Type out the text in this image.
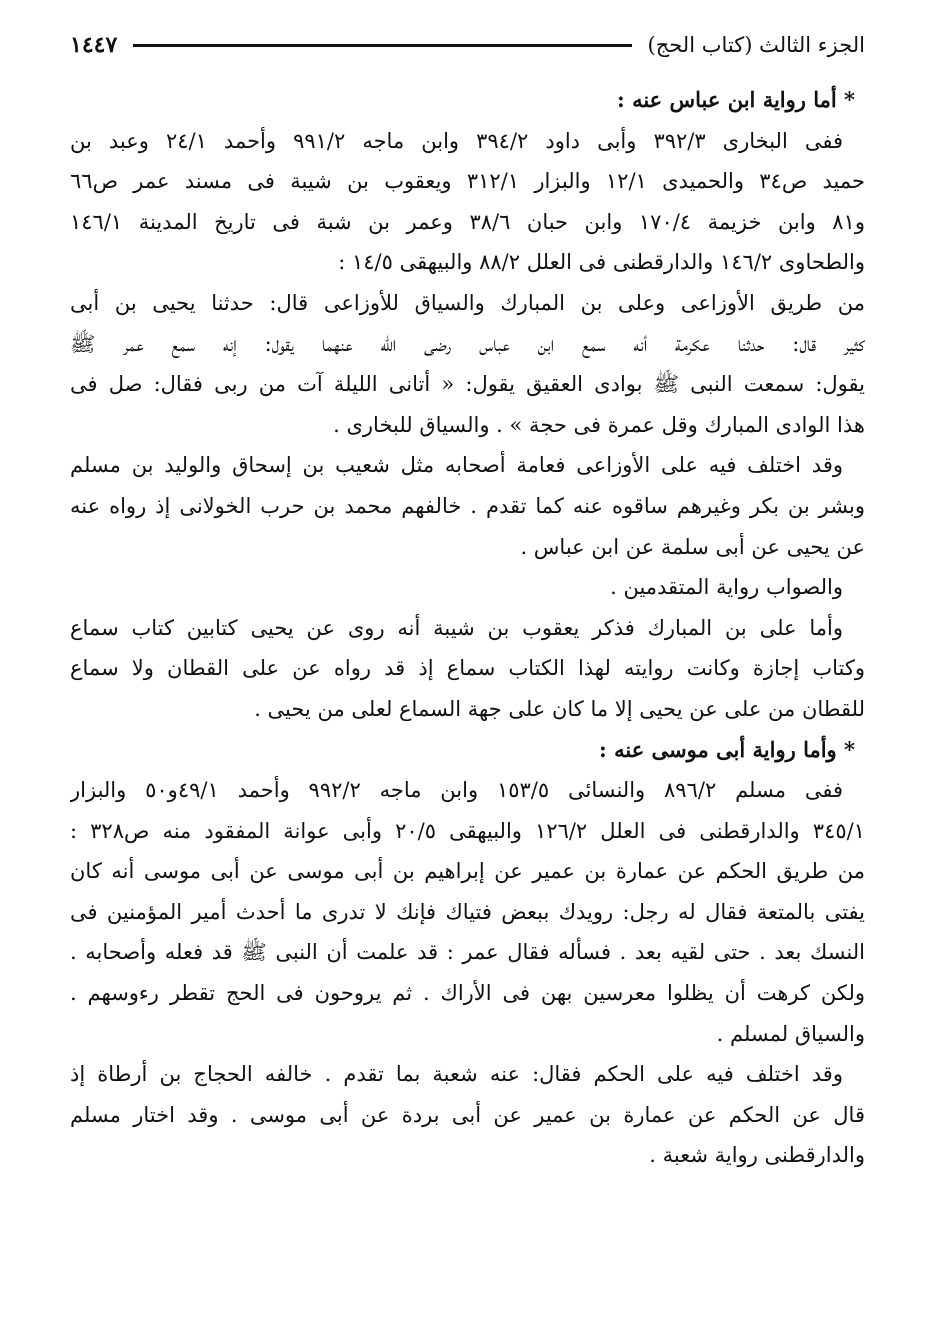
الجزء الثالث (كتاب الحج)
١٤٤٧
* أما رواية ابن عباس عنه :
ففى البخارى ٣٩٢/٣ وأبى داود ٣٩٤/٢ وابن ماجه ٩٩١/٢ وأحمد ٢٤/١ وعبد بن
حميد ص٣٤ والحميدى ١٢/١ والبزار ٣١٢/١ ويعقوب بن شيبة فى مسند عمر ص٦٦
و٨١ وابن خزيمة ١٧٠/٤ وابن حبان ٣٨/٦ وعمر بن شبة فى تاريخ المدينة ١٤٦/١
والطحاوى ١٤٦/٢ والدارقطنى فى العلل ٨٨/٢ والبيهقى ١٤/٥ :
من طريق الأوزاعى وعلى بن المبارك والسياق للأوزاعى قال: حدثنا يحيى بن أبى
كثير قال: حدثنا عكرمة أنه سمع ابن عباس رضى الله عنهما يقول: إنه سمع عمر ﷺ
يقول: سمعت النبى ﷺ بوادى العقيق يقول: « أتانى الليلة آت من ربى فقال: صل فى
هذا الوادى المبارك وقل عمرة فى حجة » . والسياق للبخارى .
وقد اختلف فيه على الأوزاعى فعامة أصحابه مثل شعيب بن إسحاق والوليد بن مسلم
وبشر بن بكر وغيرهم ساقوه عنه كما تقدم . خالفهم محمد بن حرب الخولانى إذ رواه عنه
عن يحيى عن أبى سلمة عن ابن عباس .
والصواب رواية المتقدمين .
وأما على بن المبارك فذكر يعقوب بن شيبة أنه روى عن يحيى كتابين كتاب سماع
وكتاب إجازة وكانت روايته لهذا الكتاب سماع إذ قد رواه عن على القطان ولا سماع
للقطان من على عن يحيى إلا ما كان على جهة السماع لعلى من يحيى .
* وأما رواية أبى موسى عنه :
ففى مسلم ٨٩٦/٢ والنسائى ١٥٣/٥ وابن ماجه ٩٩٢/٢ وأحمد ٤٩/١و٥٠ والبزار
٣٤٥/١ والدارقطنى فى العلل ١٢٦/٢ والبيهقى ٢٠/٥ وأبى عوانة المفقود منه ص٣٢٨ :
من طريق الحكم عن عمارة بن عمير عن إبراهيم بن أبى موسى عن أبى موسى أنه كان
يفتى بالمتعة فقال له رجل: رويدك ببعض فتياك فإنك لا تدرى ما أحدث أمير المؤمنين فى
النسك بعد . حتى لقيه بعد . فسأله فقال عمر : قد علمت أن النبى ﷺ قد فعله وأصحابه .
ولكن كرهت أن يظلوا معرسين بهن فى الأراك . ثم يروحون فى الحج تقطر رءوسهم .
والسياق لمسلم .
وقد اختلف فيه على الحكم فقال: عنه شعبة بما تقدم . خالفه الحجاج بن أرطاة إذ
قال عن الحكم عن عمارة بن عمير عن أبى بردة عن أبى موسى . وقد اختار مسلم
والدارقطنى رواية شعبة .
